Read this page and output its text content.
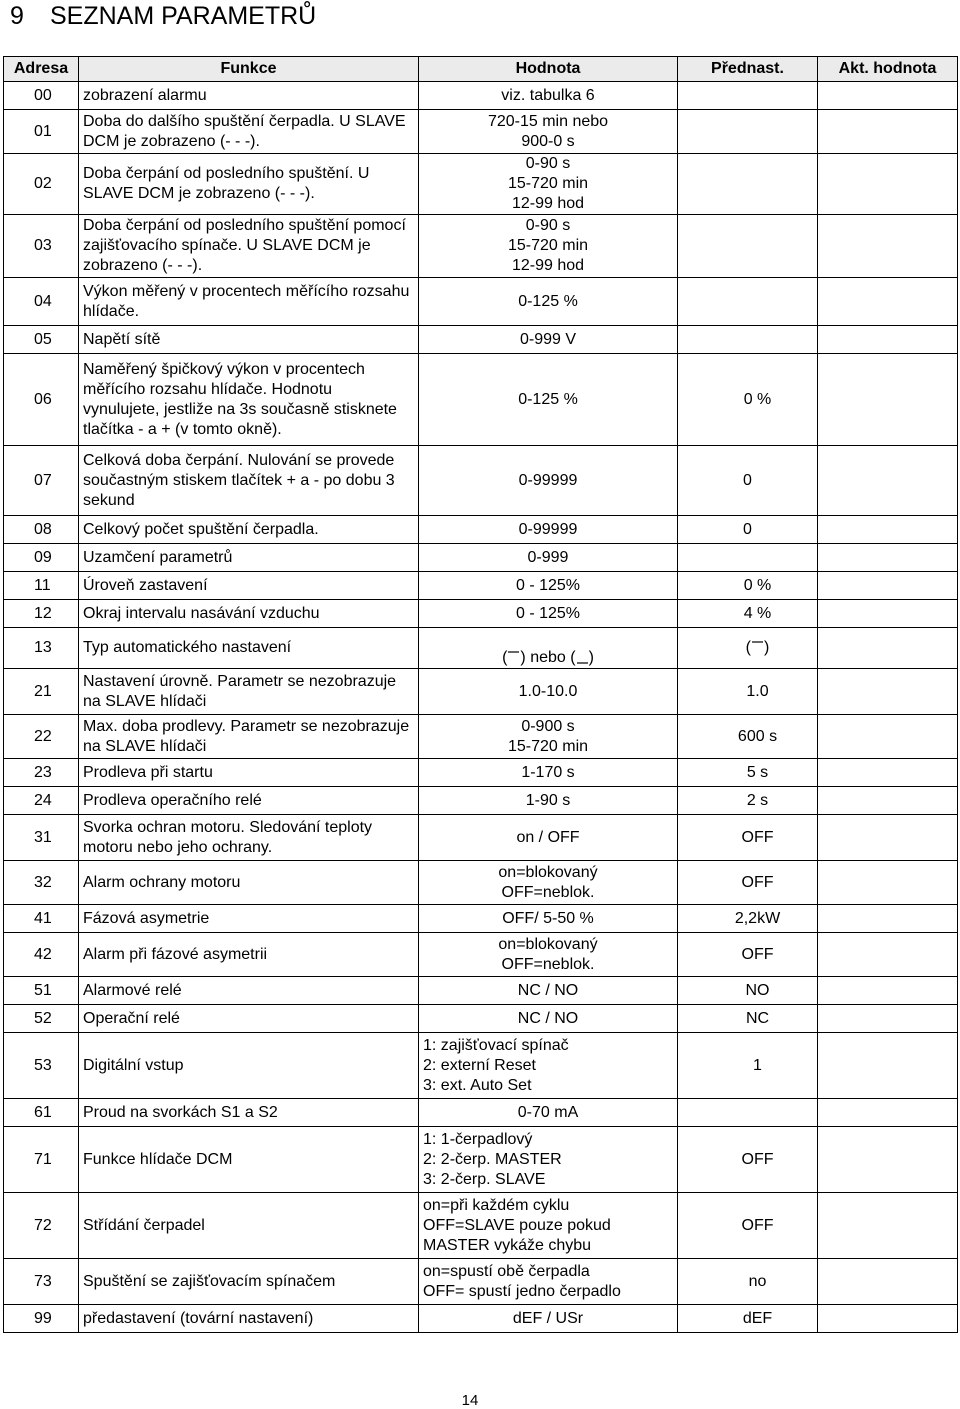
9 SEZNAM PARAMETRŮ
Adresa	Funkce	Hodnota	Přednast.	Akt. hodnota
00	zobrazení alarmu	viz. tabulka 6		
01	Doba do dalšího spuštění čerpadla. U SLAVE DCM je zobrazeno (- - -).	720-15 min nebo
900-0 s		
02	Doba čerpání od posledního spuštění. U SLAVE DCM je zobrazeno (- - -).	0-90 s
15-720 min
12-99 hod		
03	Doba čerpání od posledního spuštění pomocí zajišťovacího spínače. U SLAVE DCM je zobrazeno (- - -).	0-90 s
15-720 min
12-99 hod		
04	Výkon měřený v procentech měřícího rozsahu hlídače.	0-125 %		
05	Napětí sítě	0-999 V		
06	Naměřený špičkový výkon v procentech měřícího rozsahu hlídače. Hodnotu vynulujete, jestliže na 3s současně stisknete tlačítka - a + (v tomto okně).	0-125 %	0 %	
07	Celková doba čerpání. Nulování se provede součastným stiskem tlačítek + a - po dobu 3 sekund	0-99999	0	
08	Celkový počet spuštění čerpadla.	0-99999	0	
09	Uzamčení parametrů	0-999		
11	Úroveň zastavení	0 - 125%	0 %	
12	Okraj intervalu nasávání vzduchu	0 - 125%	4 %	
13	Typ automatického nastavení	( ) nebo ( )	( )	
21	Nastavení úrovně. Parametr se nezobrazuje na SLAVE hlídači	1.0-10.0	1.0	
22	Max. doba prodlevy. Parametr se nezobrazuje na SLAVE hlídači	0-900 s
15-720 min	600 s	
23	Prodleva při startu	1-170 s	5 s	
24	Prodleva operačního relé	1-90 s	2 s	
31	Svorka ochran motoru. Sledování teploty motoru nebo jeho ochrany.	on / OFF	OFF	
32	Alarm ochrany motoru	on=blokovaný
OFF=neblok.	OFF	
41	Fázová asymetrie	OFF/ 5-50 %	2,2kW	
42	Alarm při fázové asymetrii	on=blokovaný
OFF=neblok.	OFF	
51	Alarmové relé	NC / NO	NO	
52	Operační relé	NC / NO	NC	
53	Digitální vstup	1: zajišťovací spínač
2: externí Reset
3: ext. Auto Set	1	
61	Proud na svorkách S1 a S2	0-70 mA		
71	Funkce hlídače DCM	1: 1-čerpadlový
2: 2-čerp. MASTER
3: 2-čerp. SLAVE	OFF	
72	Střídání čerpadel	on=při každém cyklu
OFF=SLAVE pouze pokud
MASTER vykáže chybu	OFF	
73	Spuštění se zajišťovacím spínačem	on=spustí obě čerpadla
OFF= spustí jedno čerpadlo	no	
99	předastavení (tovární nastavení)	dEF / USr	dEF	
14
